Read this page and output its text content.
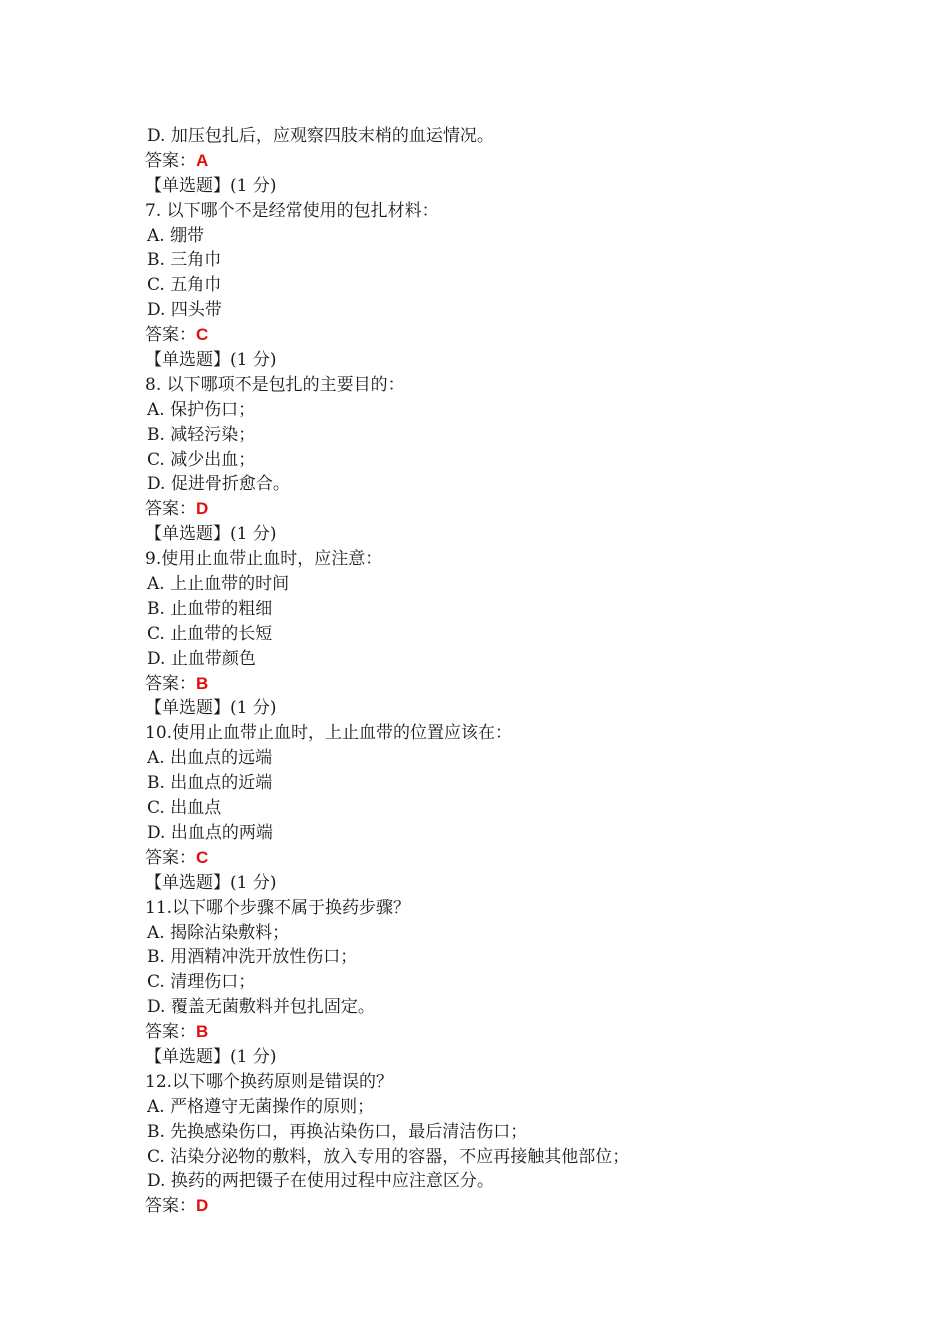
D. 加压包扎后，应观察四肢末梢的血运情况。
答案：A
【单选题】(1 分)
7. 以下哪个不是经常使用的包扎材料：
A. 绷带
B. 三角巾
C. 五角巾
D. 四头带
答案：C
【单选题】(1 分)
8. 以下哪项不是包扎的主要目的：
A. 保护伤口；
B. 减轻污染；
C. 减少出血；
D. 促进骨折愈合。
答案：D
【单选题】(1 分)
9.使用止血带止血时，应注意：
A. 上止血带的时间
B. 止血带的粗细
C. 止血带的长短
D. 止血带颜色
答案：B
【单选题】(1 分)
10.使用止血带止血时，上止血带的位置应该在：
A. 出血点的远端
B. 出血点的近端
C. 出血点
D. 出血点的两端
答案：C
【单选题】(1 分)
11.以下哪个步骤不属于换药步骤？
A. 揭除沾染敷料；
B. 用酒精冲洗开放性伤口；
C. 清理伤口；
D. 覆盖无菌敷料并包扎固定。
答案：B
【单选题】(1 分)
12.以下哪个换药原则是错误的？
A. 严格遵守无菌操作的原则；
B. 先换感染伤口，再换沾染伤口，最后清洁伤口；
C. 沾染分泌物的敷料，放入专用的容器，不应再接触其他部位；
D. 换药的两把镊子在使用过程中应注意区分。
答案：D
